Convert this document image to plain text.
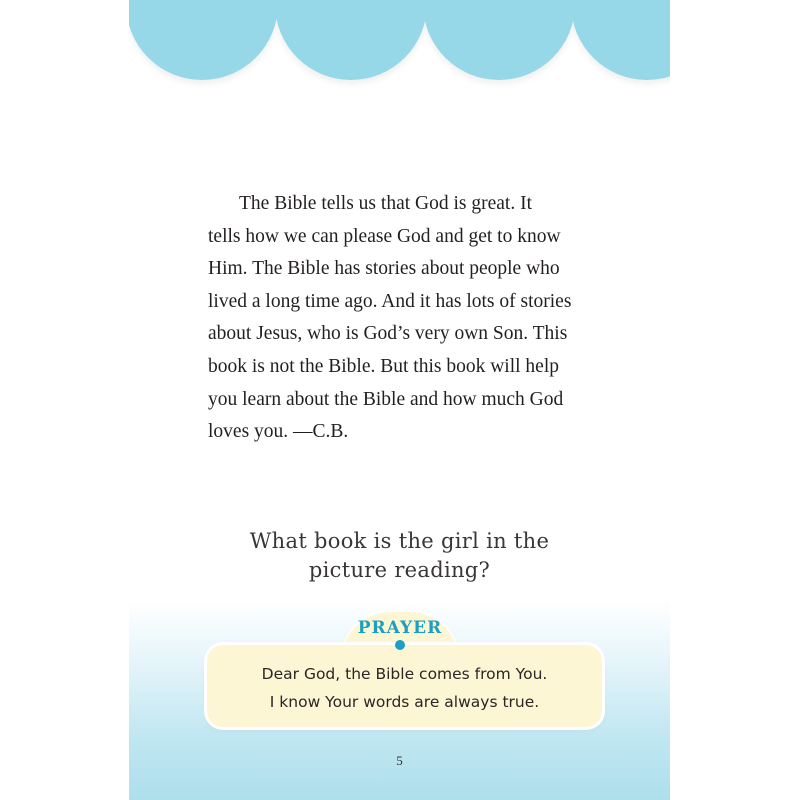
The Bible tells us that God is great. It
tells how we can please God and get to know
Him. The Bible has stories about people who
lived a long time ago. And it has lots of stories
about Jesus, who is God’s very own Son. This
book is not the Bible. But this book will help
you learn about the Bible and how much God
loves you. —C.B.
What book is the girl in the
picture reading?
PRAYER
Dear God, the Bible comes from You.
I know Your words are always true.
5
